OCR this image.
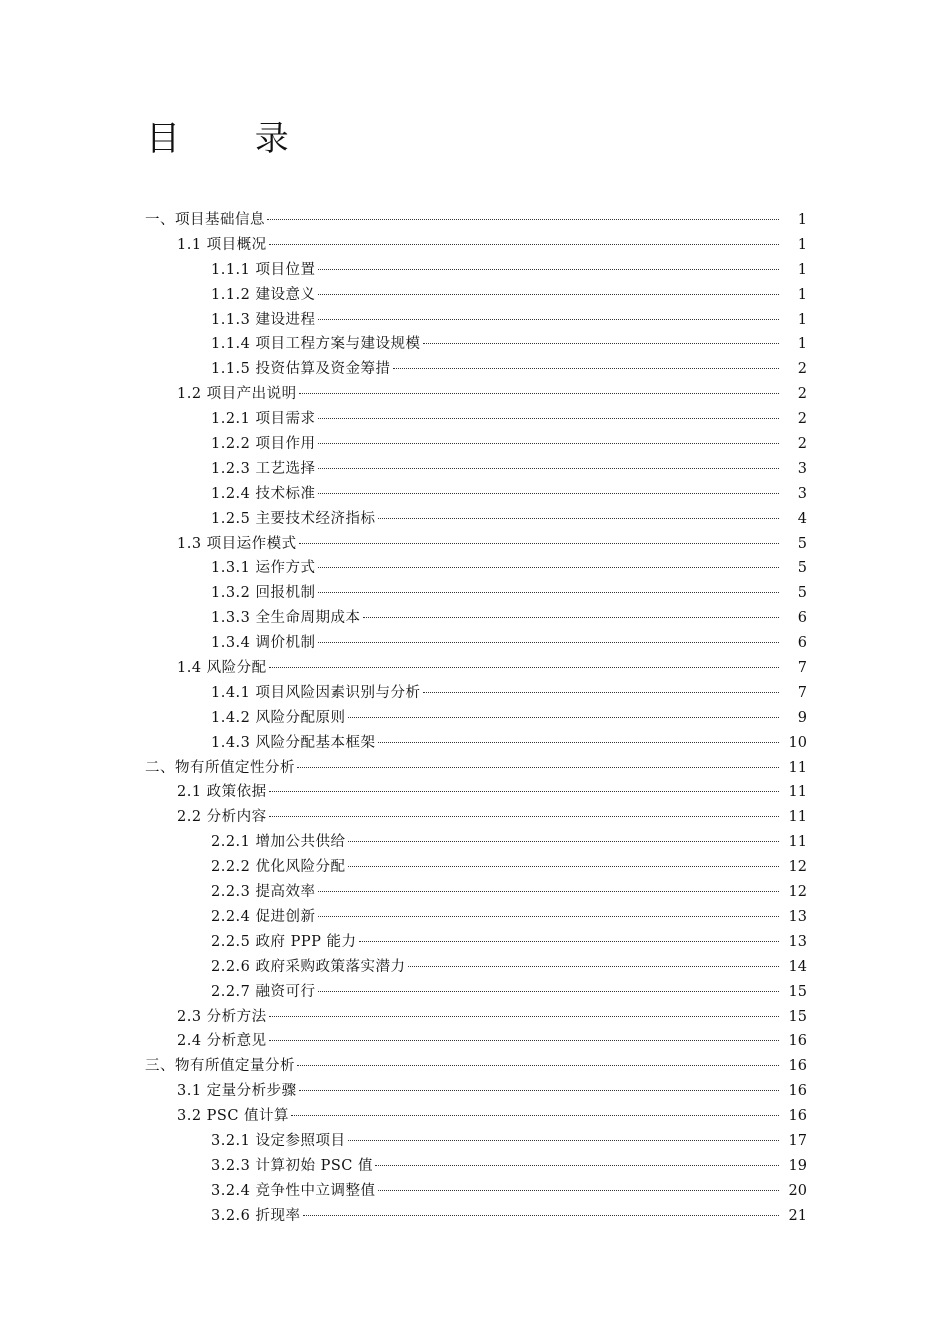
目 录
一、项目基础信息	1
1.1 项目概况	1
1.1.1 项目位置	1
1.1.2 建设意义	1
1.1.3 建设进程	1
1.1.4 项目工程方案与建设规模	1
1.1.5 投资估算及资金筹措	2
1.2 项目产出说明	2
1.2.1 项目需求	2
1.2.2 项目作用	2
1.2.3 工艺选择	3
1.2.4 技术标准	3
1.2.5 主要技术经济指标	4
1.3 项目运作模式	5
1.3.1 运作方式	5
1.3.2 回报机制	5
1.3.3 全生命周期成本	6
1.3.4 调价机制	6
1.4 风险分配	7
1.4.1 项目风险因素识别与分析	7
1.4.2 风险分配原则	9
1.4.3 风险分配基本框架	10
二、物有所值定性分析	11
2.1 政策依据	11
2.2 分析内容	11
2.2.1 增加公共供给	11
2.2.2 优化风险分配	12
2.2.3 提高效率	12
2.2.4 促进创新	13
2.2.5 政府 PPP 能力	13
2.2.6 政府采购政策落实潜力	14
2.2.7 融资可行	15
2.3 分析方法	15
2.4 分析意见	16
三、物有所值定量分析	16
3.1 定量分析步骤	16
3.2 PSC 值计算	16
3.2.1 设定参照项目	17
3.2.3 计算初始 PSC 值	19
3.2.4 竞争性中立调整值	20
3.2.6 折现率	21
